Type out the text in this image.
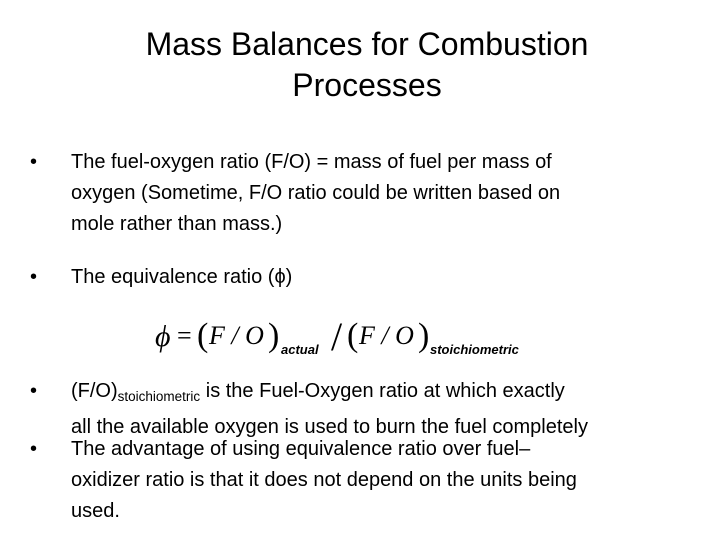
Mass Balances for Combustion
Processes
• The fuel-oxygen ratio (F/O) = mass of fuel per mass of
oxygen (Sometime, F/O ratio could be written based on
mole rather than mass.)
• The equivalence ratio (ϕ)
ϕ = ( F / O ) actual / ( F / O ) stoichiometric
• $(F/O)_{stoichiometric}$ is the Fuel-Oxygen ratio at which exactly
all the available oxygen is used to burn the fuel completely
• The advantage of using equivalence ratio over fuel–
oxidizer ratio is that it does not depend on the units being
used.
